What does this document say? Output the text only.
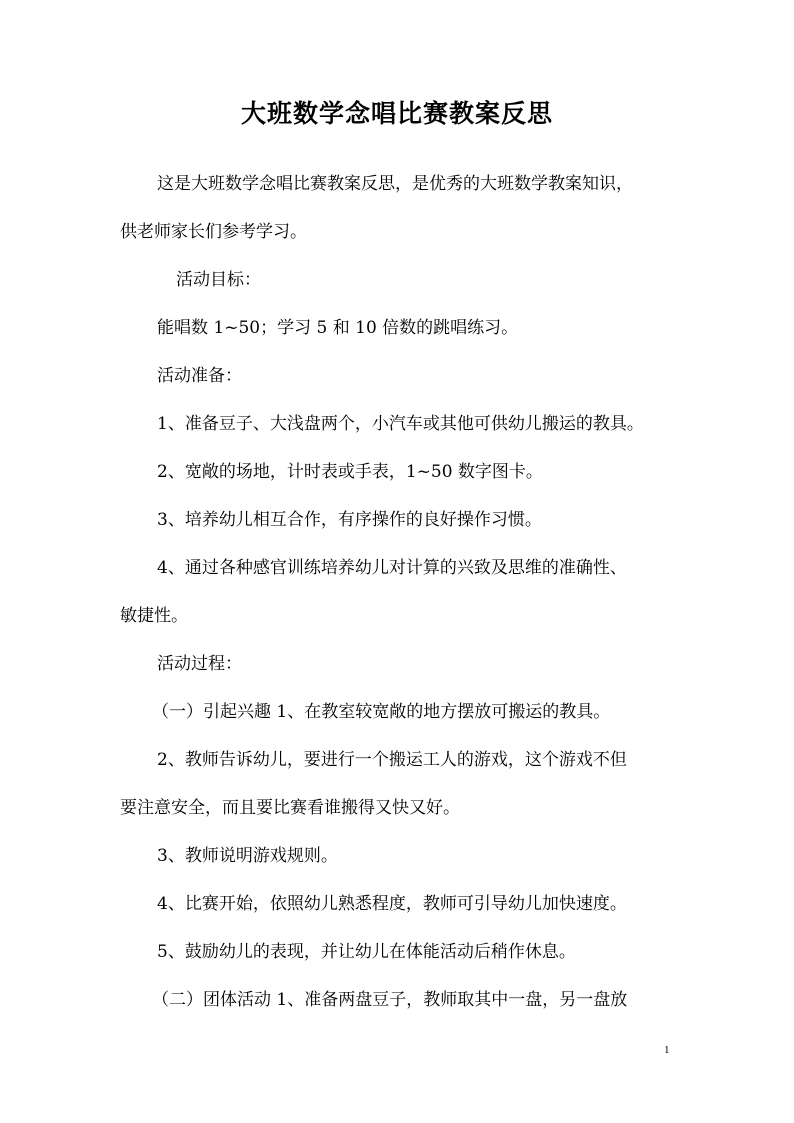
大班数学念唱比赛教案反思
这是大班数学念唱比赛教案反思，是优秀的大班数学教案知识，
供老师家长们参考学习。
活动目标：
能唱数 1~50；学习 5 和 10 倍数的跳唱练习。
活动准备：
1、准备豆子、大浅盘两个，小汽车或其他可供幼儿搬运的教具。
2、宽敞的场地，计时表或手表，1~50 数字图卡。
3、培养幼儿相互合作，有序操作的良好操作习惯。
4、通过各种感官训练培养幼儿对计算的兴致及思维的准确性、
敏捷性。
活动过程：
（一）引起兴趣 1、在教室较宽敞的地方摆放可搬运的教具。
2、教师告诉幼儿，要进行一个搬运工人的游戏，这个游戏不但
要注意安全，而且要比赛看谁搬得又快又好。
3、教师说明游戏规则。
4、比赛开始，依照幼儿熟悉程度，教师可引导幼儿加快速度。
5、鼓励幼儿的表现，并让幼儿在体能活动后稍作休息。
（二）团体活动 1、准备两盘豆子，教师取其中一盘，另一盘放
1
